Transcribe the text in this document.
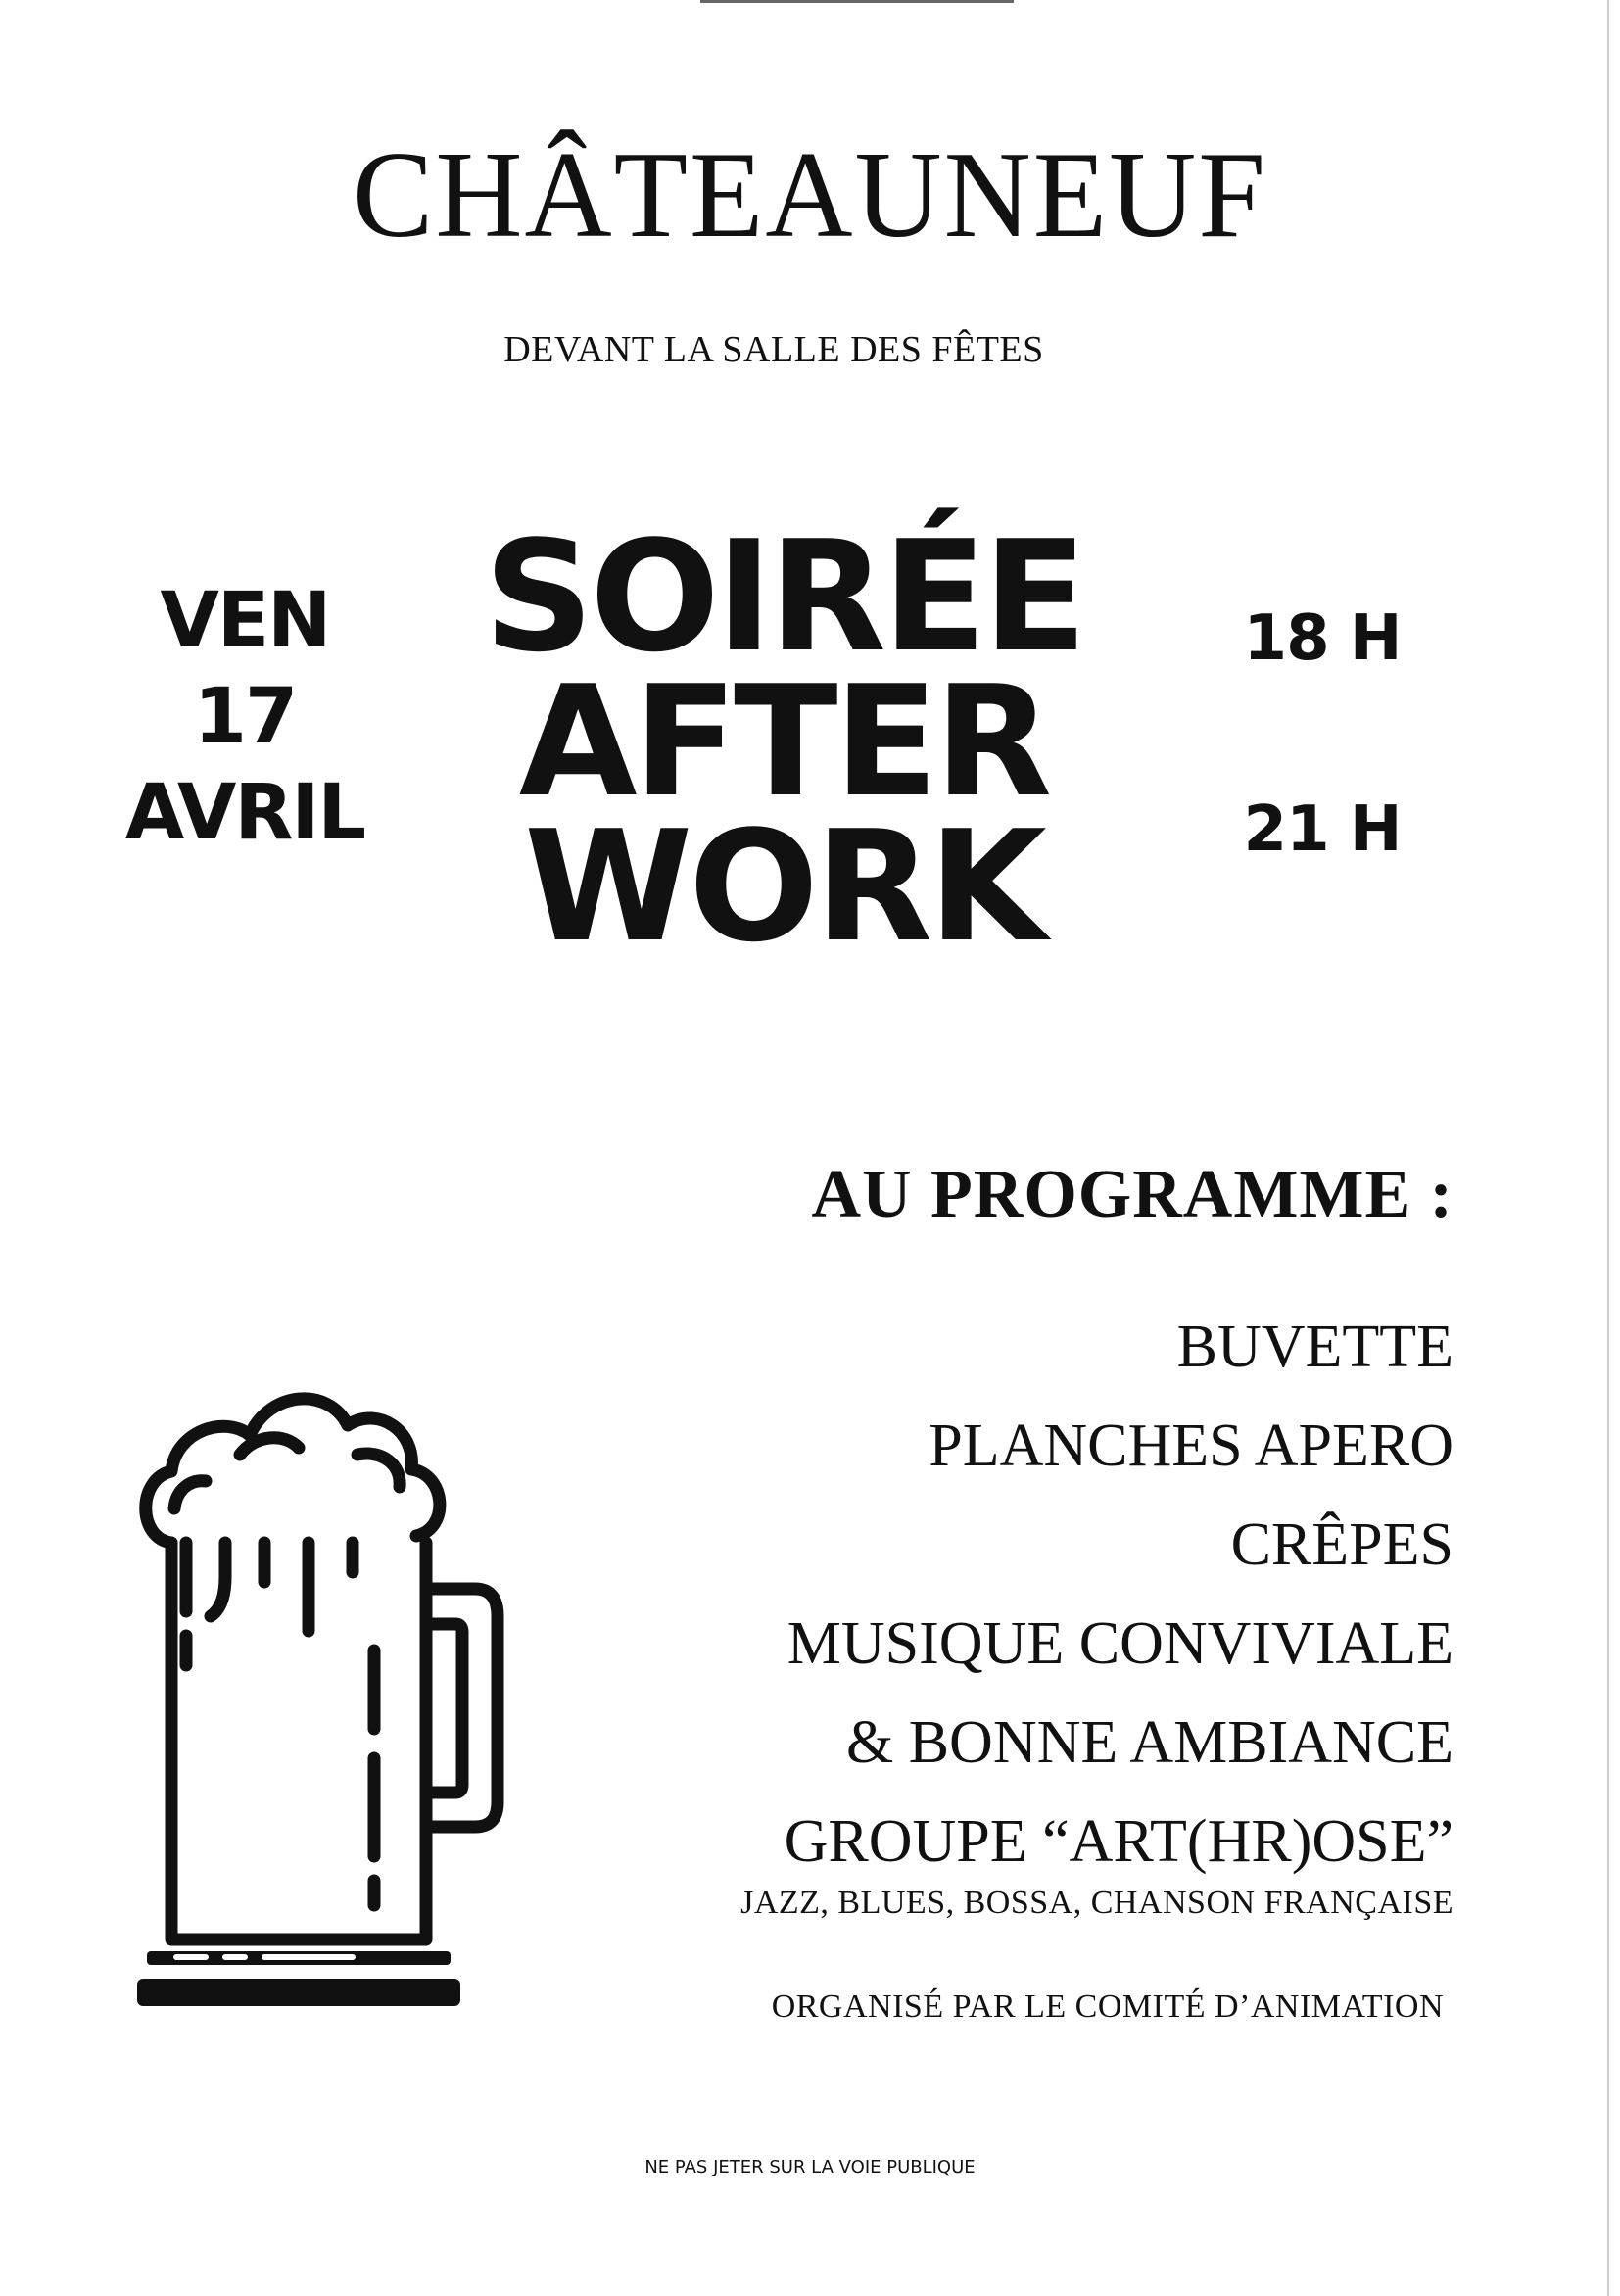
CHÂTEAUNEUF
DEVANT LA SALLE DES FÊTES
VEN
17
AVRIL
SOIRÉE
AFTER
WORK
18 H
21 H
AU PROGRAMME :
BUVETTE
PLANCHES APERO
CRÊPES
MUSIQUE CONVIVIALE
& BONNE AMBIANCE
GROUPE “ART(HR)OSE”
JAZZ, BLUES, BOSSA, CHANSON FRANÇAISE
ORGANISÉ PAR LE COMITÉ D’ANIMATION
NE PAS JETER SUR LA VOIE PUBLIQUE
